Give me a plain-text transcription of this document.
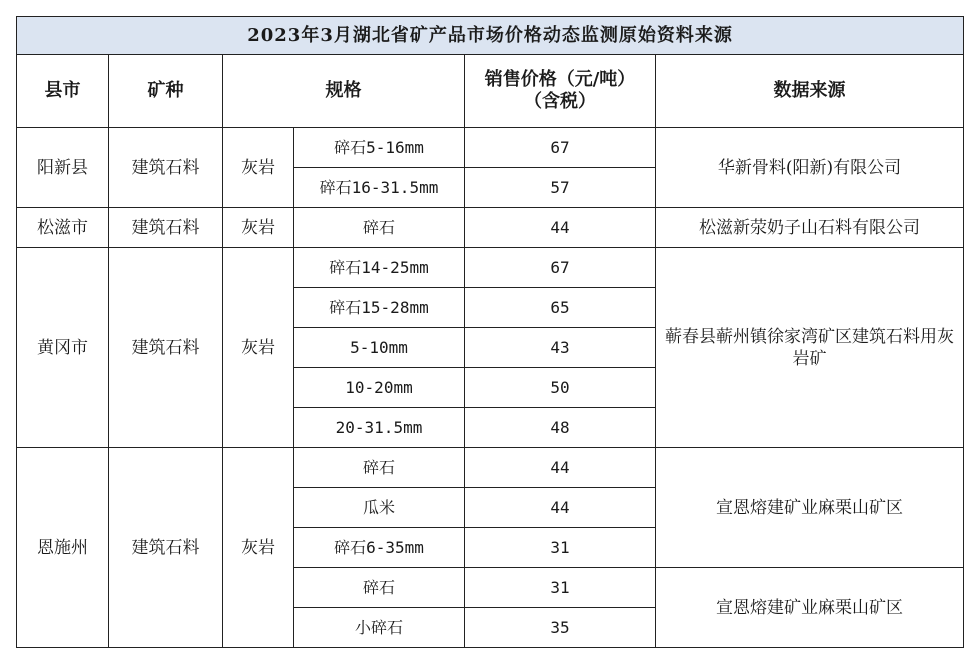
2023年3月湖北省矿产品市场价格动态监测原始资料来源					
县市	矿种	规格		销售价格（元/吨）（含税）	数据来源
阳新县	建筑石料	灰岩	碎石5-16mm	67	华新骨料(阳新)有限公司
			碎石16-31.5mm	57	
松滋市	建筑石料	灰岩	碎石	44	松滋新荥奶子山石料有限公司
黄冈市	建筑石料	灰岩	碎石14-25mm	67	蕲春县蕲州镇徐家湾矿区建筑石料用灰岩矿
			碎石15-28mm	65	
			5-10mm	43	
			10-20mm	50	
			20-31.5mm	48	
恩施州	建筑石料	灰岩	碎石	44	宣恩熔建矿业麻栗山矿区
			瓜米	44	
			碎石6-35mm	31	
			碎石	31	宣恩熔建矿业麻栗山矿区
			小碎石	35	
